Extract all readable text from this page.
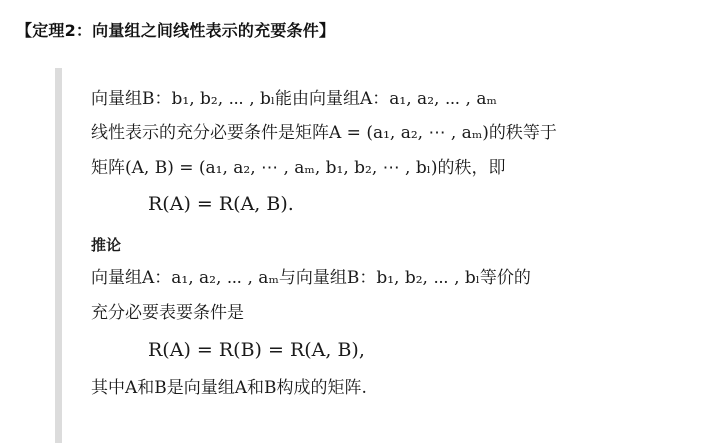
【定理2：向量组之间线性表示的充要条件】
向量组B：b₁, b₂, ⋯ , bₗ能由向量组A：a₁, a₂, ⋯ , aₘ
线性表示的充分必要条件是矩阵A = (a₁, a₂, ⋯ , aₘ)的秩等于
矩阵(A, B) = (a₁, a₂, ⋯ , aₘ, b₁, b₂, ⋯ , bₗ)的秩，即
R(A) = R(A, B).
推论
向量组A：a₁, a₂, ⋯ , aₘ与向量组B：b₁, b₂, ⋯ , bₗ等价的
充分必要表要条件是
R(A) = R(B) = R(A, B),
其中A和B是向量组A和B构成的矩阵.
